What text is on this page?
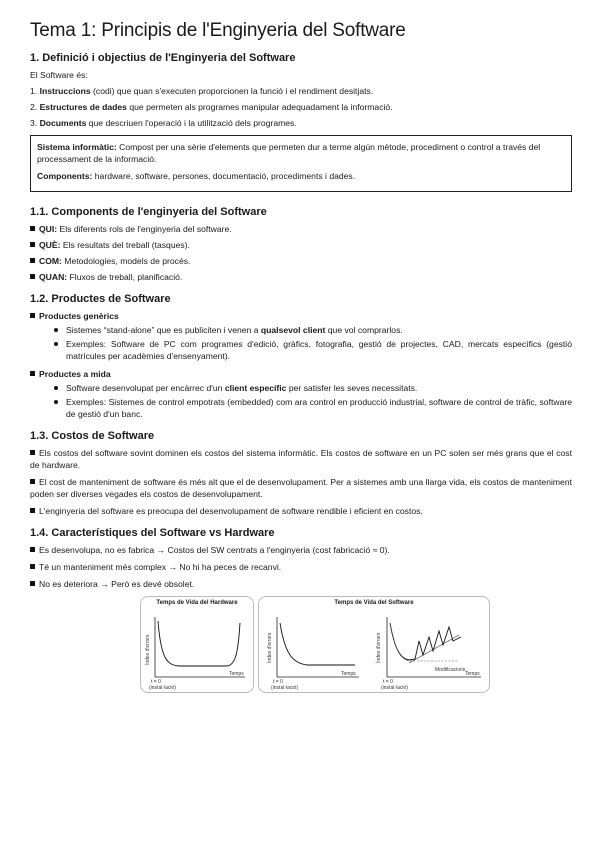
Tema 1: Principis de l'Enginyeria del Software
1. Definició i objectius de l'Enginyeria del Software

El Software és:

1. Instruccions (codi) que quan s'executen proporcionen la funció i el rendiment desitjats.

2. Estructures de dades que permeten als programes manipular adequadament la informació.

3. Documents que descriuen l'operació i la utilització dels programes.

Sistema informàtic: Compost per una sèrie d'elements que permeten dur a terme algún mètode, procediment o control a través del processament de la informació.

Components: hardware, software, persones, documentació, procediments i dades.

1.1. Components de l'enginyeria del Software

QUI: Els diferents rols de l'enginyeria del software.

QUÈ: Els resultats del treball (tasques).

COM: Metodologies, models de procés.

QUAN: Fluxos de treball, planificació.

1.2. Productes de Software

Productes genèrics

Sistemes “stand-alone” que es publiciten i venen a qualsevol client que vol comprarlos.
Exemples: Software de PC com programes d'edició, gràfics, fotografia, gestió de projectes, CAD, mercats específics (gestió matrícules per acadèmies d'ensenyament).

Productes a mida

Software desenvolupat per encàrrec d'un client específic per satisfer les seves necessitats.
Exemples: Sistemes de control empotrats (embedded) com ara control en producció industrial, software de control de tràfic, software de gestió d'un banc.
1.3. Costos de Software

Els costos del software sovint dominen els costos del sistema informàtic. Els costos de software en un PC solen ser més grans que el cost de hardware.

El cost de manteniment de software és més alt que el de desenvolupament. Per a sistemes amb una llarga vida, els costos de manteniment poden ser diverses vegades els costos de desenvolupament.

L'enginyeria del software es preocupa del desenvolupament de software rendible i eficient en costos.

1.4. Característiques del Software vs Hardware

Es desenvolupa, no es fabrica → Costos del SW centrats a l'enginyeria (cost fabricació ≈ 0).

Té un manteniment més complex → No hi ha peces de recanvi.

No es deteriora → Però es devé obsolet.

Temps de Vida del Hardware
Índex d'errors
Temps
t = 0
(instal·lació)
Temps de Vida del Software
Índex d'errors
Temps
t = 0
(instal·lació)
Índex d'errors
Temps
t = 0
(instal·lació)
Modificacions
